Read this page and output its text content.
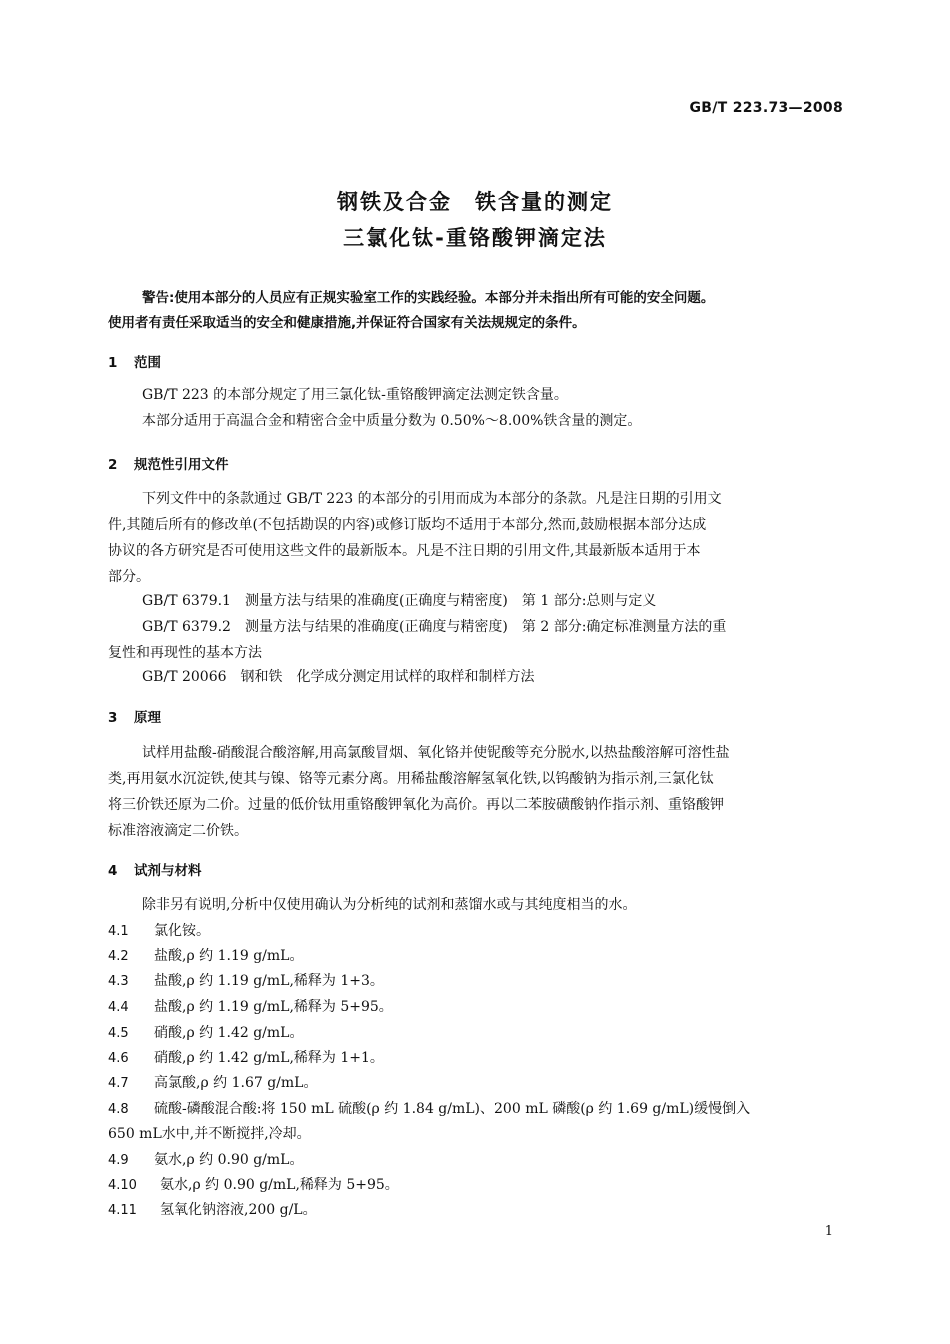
GB/T 223.73—2008
钢铁及合金　铁含量的测定
三氯化钛-重铬酸钾滴定法
警告:使用本部分的人员应有正规实验室工作的实践经验。本部分并未指出所有可能的安全问题。
使用者有责任采取适当的安全和健康措施,并保证符合国家有关法规规定的条件。
1 范围
GB/T 223 的本部分规定了用三氯化钛-重铬酸钾滴定法测定铁含量。
本部分适用于高温合金和精密合金中质量分数为 0.50%～8.00%铁含量的测定。
2 规范性引用文件
下列文件中的条款通过 GB/T 223 的本部分的引用而成为本部分的条款。凡是注日期的引用文
件,其随后所有的修改单(不包括勘误的内容)或修订版均不适用于本部分,然而,鼓励根据本部分达成
协议的各方研究是否可使用这些文件的最新版本。凡是不注日期的引用文件,其最新版本适用于本
部分。
GB/T 6379.1　测量方法与结果的准确度(正确度与精密度)　第 1 部分:总则与定义
GB/T 6379.2　测量方法与结果的准确度(正确度与精密度)　第 2 部分:确定标准测量方法的重
复性和再现性的基本方法
GB/T 20066　钢和铁　化学成分测定用试样的取样和制样方法
3 原理
试样用盐酸-硝酸混合酸溶解,用高氯酸冒烟、氧化铬并使铌酸等充分脱水,以热盐酸溶解可溶性盐
类,再用氨水沉淀铁,使其与镍、铬等元素分离。用稀盐酸溶解氢氧化铁,以钨酸钠为指示剂,三氯化钛
将三价铁还原为二价。过量的低价钛用重铬酸钾氧化为高价。再以二苯胺磺酸钠作指示剂、重铬酸钾
标准溶液滴定二价铁。
4 试剂与材料
除非另有说明,分析中仅使用确认为分析纯的试剂和蒸馏水或与其纯度相当的水。
4.1 氯化铵。
4.2 盐酸,ρ 约 1.19 g/mL。
4.3 盐酸,ρ 约 1.19 g/mL,稀释为 1+3。
4.4 盐酸,ρ 约 1.19 g/mL,稀释为 5+95。
4.5 硝酸,ρ 约 1.42 g/mL。
4.6 硝酸,ρ 约 1.42 g/mL,稀释为 1+1。
4.7 高氯酸,ρ 约 1.67 g/mL。
4.8 硫酸-磷酸混合酸:将 150 mL 硫酸(ρ 约 1.84 g/mL)、200 mL 磷酸(ρ 约 1.69 g/mL)缓慢倒入
650 mL水中,并不断搅拌,冷却。
4.9 氨水,ρ 约 0.90 g/mL。
4.10 氨水,ρ 约 0.90 g/mL,稀释为 5+95。
4.11 氢氧化钠溶液,200 g/L。
1
